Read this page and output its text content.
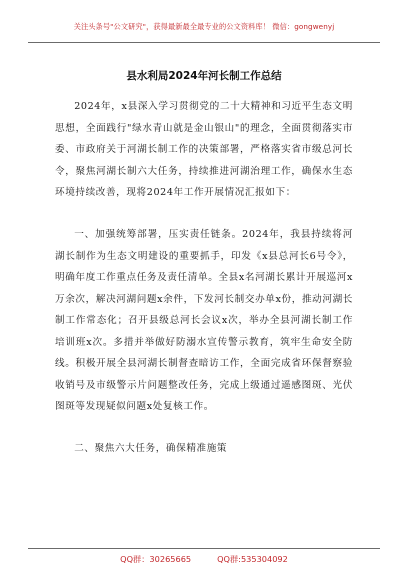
关注头条号"公文研究"，获得最新最全最专业的公文资料库！ 微信：gongwenyj
县水利局2024年河长制工作总结

2024年，x县深入学习贯彻党的二十大精神和习近平生态文明思想，全面践行"绿水青山就是金山银山"的理念，全面贯彻落实市委、市政府关于河湖长制工作的决策部署，严格落实省市级总河长令，聚焦河湖长制六大任务，持续推进河湖治理工作，确保水生态环境持续改善，现将2024年工作开展情况汇报如下：

一、加强统筹部署，压实责任链条。2024年，我县持续将河湖长制作为生态文明建设的重要抓手，印发《x县总河长6号令》，明确年度工作重点任务及责任清单。全县x名河湖长累计开展巡河x万余次，解决河湖问题x余件，下发河长制交办单x份，推动河湖长制工作常态化；召开县级总河长会议x次，举办全县河湖长制工作培训班x次。多措并举做好防溺水宣传警示教育，筑牢生命安全防线。积极开展全县河湖长制督查暗访工作，全面完成省环保督察验收销号及市级警示片问题整改任务，完成上级通过遥感图斑、光伏图斑等发现疑似问题x处复核工作。

二、聚焦六大任务，确保精准施策

QQ群：30265665	QQ群:535304092
